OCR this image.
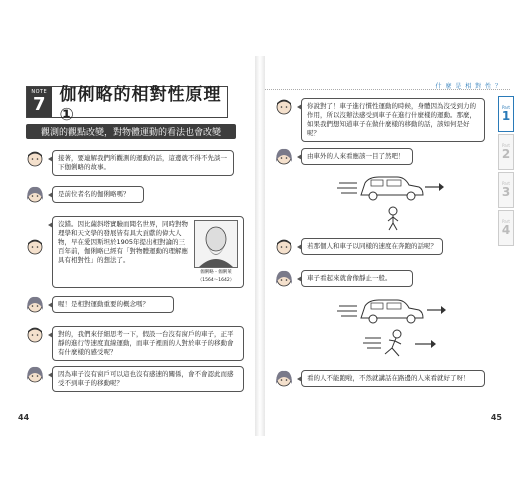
NOTE
7 伽俐略的相對性原理①
觀測的觀點改變，對物體運動的看法也會改變
接著，要連解我們所觀測的運動的話，這邊就不得不先談一下伽俐略的故事。
是前位者名的伽俐略嗎？
沒錯。因比薩斜塔實驗而聞名世界，同時對物理學和天文學的發展皆有具大貢獻的偉大人物，早在愛因斯坦於1905年提出相對論的三百年前，伽俐略已經有「對物體運動的理解應具有相對性」的想法了。
伽俐略・伽俐萊
（1564～1642）
喔！是相對運動重要的概念嗎？
對的，我們來仔細思考一下，假設一台沒有窗戶的車子，正平靜的進行等速度直線運動，而車子裡面的人對於車子的移動會有什麼樣的感受呢？
因為車子沒有窗戶可以這也沒有感速的關係，會不會認此而感受不到車子的移動呢？
44
什 麼 是 相 對 性 ？
Part
1
Part
2
Part
3
Part
4
你說對了！車子進行慣性運動的時候，身體因為沒受到力的作用，所以沒辦法感受到車子在進行什麼樣的運動。那麼，如果我們想知道車子在做什麼樣的移動的話，該如何是好呢？
由車外的人來看應該一目了然吧！
若那個人和車子以同樣的速度在奔跑的話呢？
車子看起來就會像靜止一般。
看的人不能跑啦，不然就講話在路邊的人來看就好了呀！
45
